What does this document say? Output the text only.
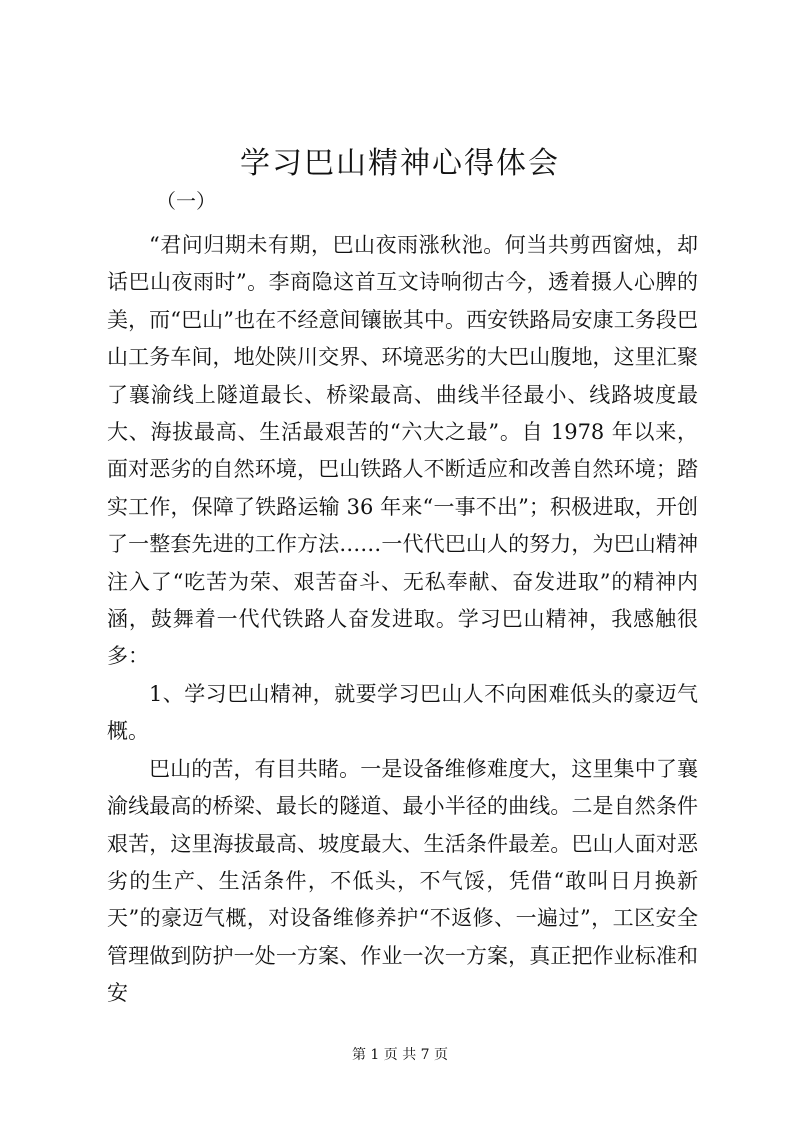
学习巴山精神心得体会

（一）

“君问归期未有期，巴山夜雨涨秋池。何当共剪西窗烛，却话巴山夜雨时”。李商隐这首互文诗响彻古今，透着摄人心脾的美，而“巴山”也在不经意间镶嵌其中。西安铁路局安康工务段巴山工务车间，地处陕川交界、环境恶劣的大巴山腹地，这里汇聚了襄渝线上隧道最长、桥梁最高、曲线半径最小、线路坡度最大、海拔最高、生活最艰苦的“六大之最”。自 1978 年以来，面对恶劣的自然环境，巴山铁路人不断适应和改善自然环境；踏实工作，保障了铁路运输 36 年来“一事不出”；积极进取，开创了一整套先进的工作方法……一代代巴山人的努力，为巴山精神注入了“吃苦为荣、艰苦奋斗、无私奉献、奋发进取”的精神内涵，鼓舞着一代代铁路人奋发进取。学习巴山精神，我感触很多：

1、学习巴山精神，就要学习巴山人不向困难低头的豪迈气概。

巴山的苦，有目共睹。一是设备维修难度大，这里集中了襄渝线最高的桥梁、最长的隧道、最小半径的曲线。二是自然条件艰苦，这里海拔最高、坡度最大、生活条件最差。巴山人面对恶劣的生产、生活条件，不低头，不气馁，凭借“敢叫日月换新天”的豪迈气概，对设备维修养护“不返修、一遍过”，工区安全管理做到防护一处一方案、作业一次一方案，真正把作业标准和安

第 1 页 共 7 页
